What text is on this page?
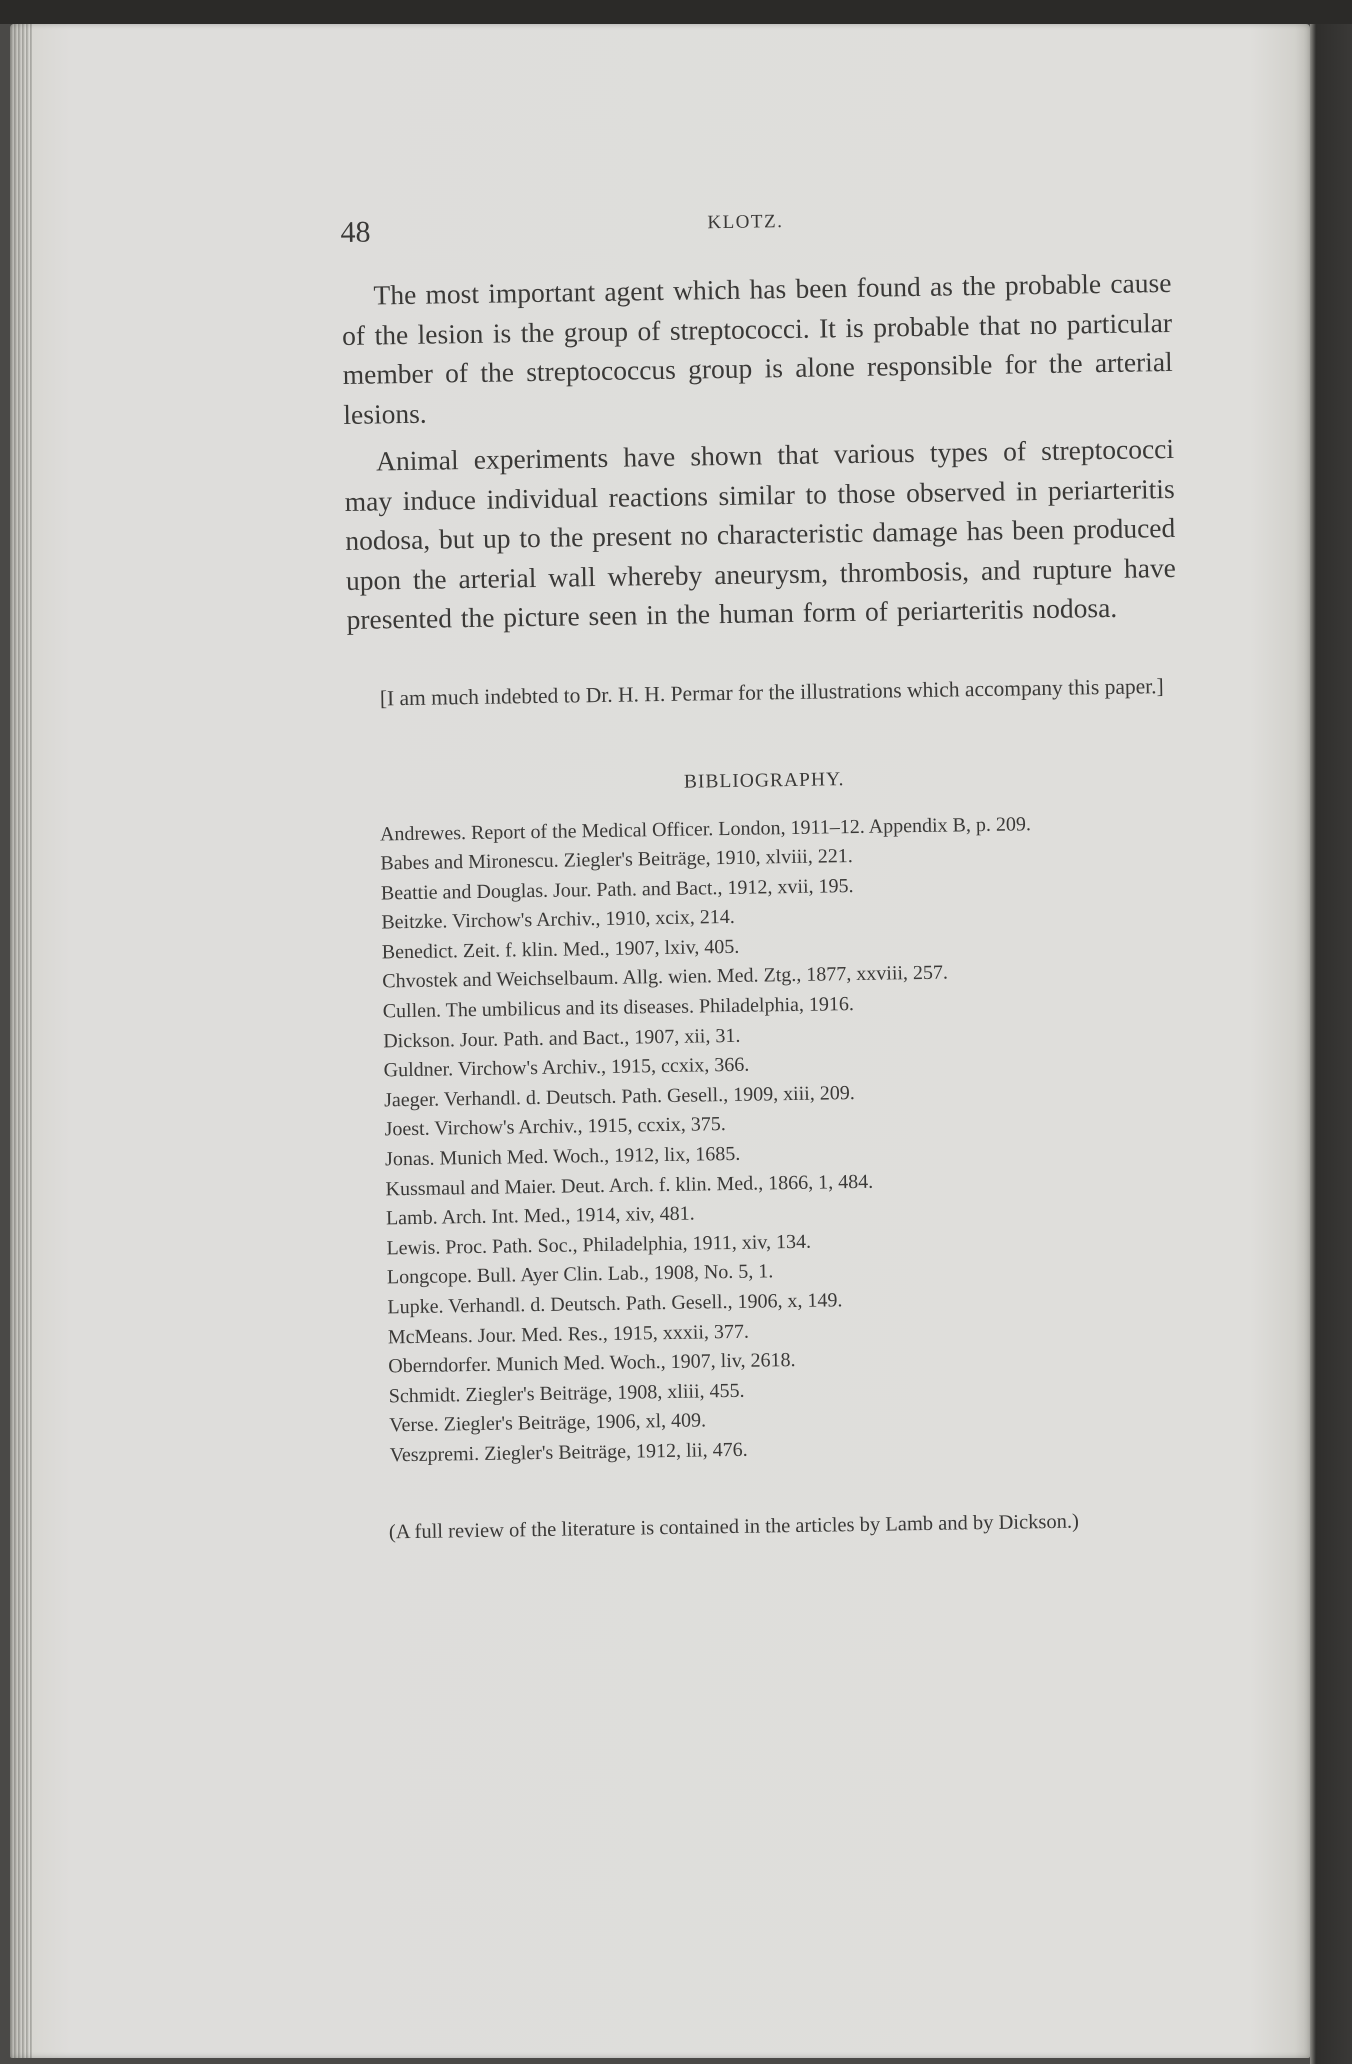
48	KLOTZ.

The most important agent which has been found as the probable cause of the lesion is the group of streptococci. It is probable that no particular member of the streptococcus group is alone responsible for the arterial lesions.

Animal experiments have shown that various types of streptococci may induce individual reactions similar to those observed in periarteritis nodosa, but up to the present no characteristic damage has been produced upon the arterial wall whereby aneurysm, thrombosis, and rupture have presented the picture seen in the human form of periarteritis nodosa.

[I am much indebted to Dr. H. H. Permar for the illustrations which accompany this paper.]
BIBLIOGRAPHY.
Andrewes. Report of the Medical Officer. London, 1911–12. Appendix B, p. 209.
Babes and Mironescu. Ziegler's Beiträge, 1910, xlviii, 221.
Beattie and Douglas. Jour. Path. and Bact., 1912, xvii, 195.
Beitzke. Virchow's Archiv., 1910, xcix, 214.
Benedict. Zeit. f. klin. Med., 1907, lxiv, 405.
Chvostek and Weichselbaum. Allg. wien. Med. Ztg., 1877, xxviii, 257.
Cullen. The umbilicus and its diseases. Philadelphia, 1916.
Dickson. Jour. Path. and Bact., 1907, xii, 31.
Guldner. Virchow's Archiv., 1915, ccxix, 366.
Jaeger. Verhandl. d. Deutsch. Path. Gesell., 1909, xiii, 209.
Joest. Virchow's Archiv., 1915, ccxix, 375.
Jonas. Munich Med. Woch., 1912, lix, 1685.
Kussmaul and Maier. Deut. Arch. f. klin. Med., 1866, 1, 484.
Lamb. Arch. Int. Med., 1914, xiv, 481.
Lewis. Proc. Path. Soc., Philadelphia, 1911, xiv, 134.
Longcope. Bull. Ayer Clin. Lab., 1908, No. 5, 1.
Lupke. Verhandl. d. Deutsch. Path. Gesell., 1906, x, 149.
McMeans. Jour. Med. Res., 1915, xxxii, 377.
Oberndorfer. Munich Med. Woch., 1907, liv, 2618.
Schmidt. Ziegler's Beiträge, 1908, xliii, 455.
Verse. Ziegler's Beiträge, 1906, xl, 409.
Veszpremi. Ziegler's Beiträge, 1912, lii, 476.
(A full review of the literature is contained in the articles by Lamb and by Dickson.)
